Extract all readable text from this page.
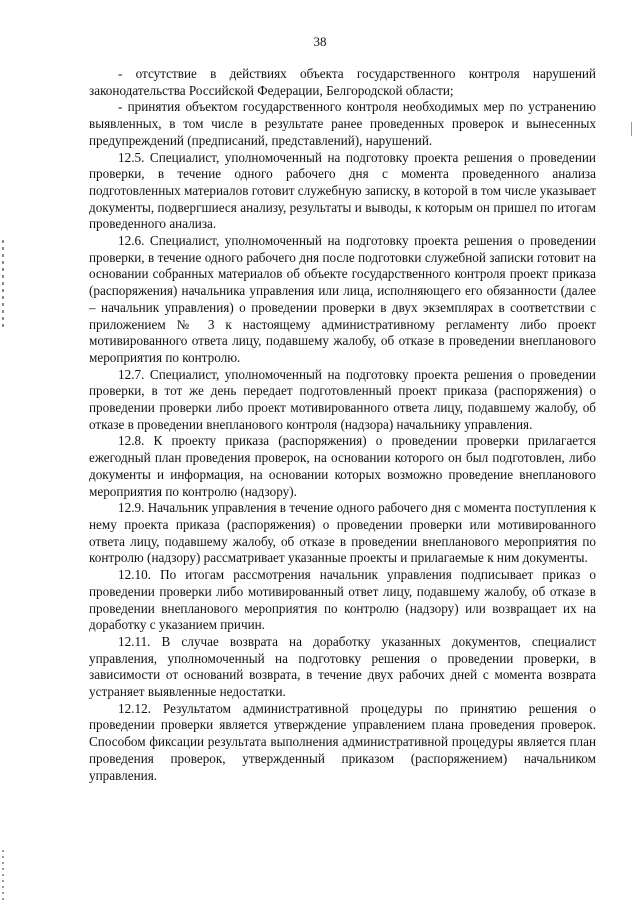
38

- отсутствие в действиях объекта государственного контроля нарушений законодательства Российской Федерации, Белгородской области;

- принятия объектом государственного контроля необходимых мер по устранению выявленных, в том числе в результате ранее проведенных проверок и вынесенных предупреждений (предписаний, представлений), нарушений.

12.5. Специалист, уполномоченный на подготовку проекта решения о проведении проверки, в течение одного рабочего дня с момента проведенного анализа подготовленных материалов готовит служебную записку, в которой в том числе указывает документы, подвергшиеся анализу, результаты и выводы, к которым он пришел по итогам проведенного анализа.

12.6. Специалист, уполномоченный на подготовку проекта решения о проведении проверки, в течение одного рабочего дня после подготовки служебной записки готовит на основании собранных материалов об объекте государственного контроля проект приказа (распоряжения) начальника управления или лица, исполняющего его обязанности (далее – начальник управления) о проведении проверки в двух экземплярах в соответствии с приложением № 3 к настоящему административному регламенту либо проект мотивированного ответа лицу, подавшему жалобу, об отказе в проведении внепланового мероприятия по контролю.

12.7. Специалист, уполномоченный на подготовку проекта решения о проведении проверки, в тот же день передает подготовленный проект приказа (распоряжения) о проведении проверки либо проект мотивированного ответа лицу, подавшему жалобу, об отказе в проведении внепланового контроля (надзора) начальнику управления.

12.8. К проекту приказа (распоряжения) о проведении проверки прилагается ежегодный план проведения проверок, на основании которого он был подготовлен, либо документы и информация, на основании которых возможно проведение внепланового мероприятия по контролю (надзору).

12.9. Начальник управления в течение одного рабочего дня с момента поступления к нему проекта приказа (распоряжения) о проведении проверки или мотивированного ответа лицу, подавшему жалобу, об отказе в проведении внепланового мероприятия по контролю (надзору) рассматривает указанные проекты и прилагаемые к ним документы.

12.10. По итогам рассмотрения начальник управления подписывает приказ о проведении проверки либо мотивированный ответ лицу, подавшему жалобу, об отказе в проведении внепланового мероприятия по контролю (надзору) или возвращает их на доработку с указанием причин.

12.11. В случае возврата на доработку указанных документов, специалист управления, уполномоченный на подготовку решения о проведении проверки, в зависимости от оснований возврата, в течение двух рабочих дней с момента возврата устраняет выявленные недостатки.

12.12. Результатом административной процедуры по принятию решения о проведении проверки является утверждение управлением плана проведения проверок. Способом фиксации результата выполнения административной процедуры является план проведения проверок, утвержденный приказом (распоряжением) начальником управления.
